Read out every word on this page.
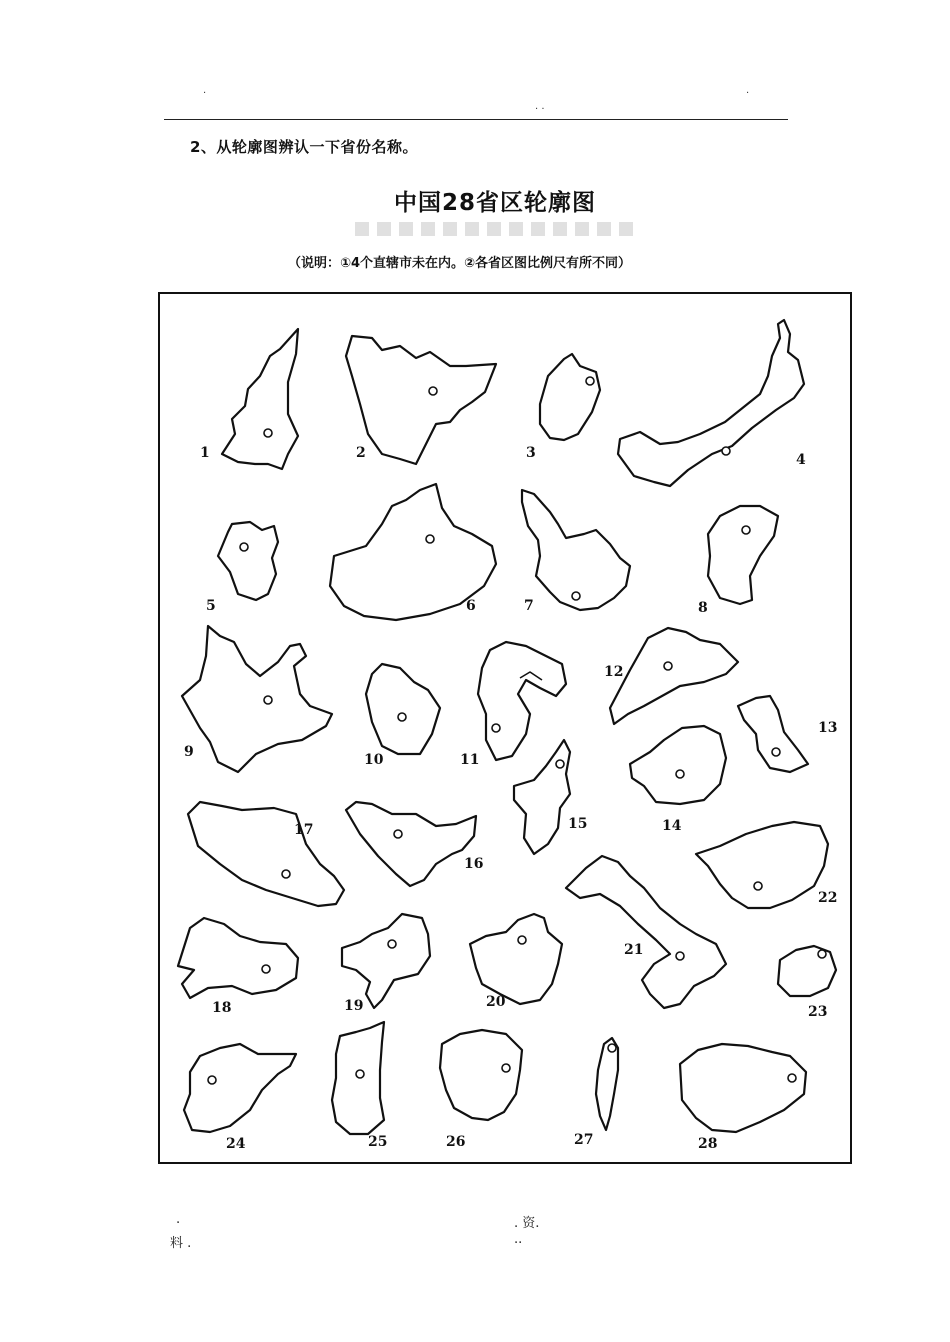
·
· ·
·
2、从轮廓图辨认一下省份名称。
中国28省区轮廓图
（说明：①4个直辖市未在内。②各省区图比例尺有所不同）
1	2	3	4
5	6	7	8
9	10	11
12
13
14
15
16
17
18	19	20
21
22
23
24	25	26	27	28
.
料 .
. 资.
..
